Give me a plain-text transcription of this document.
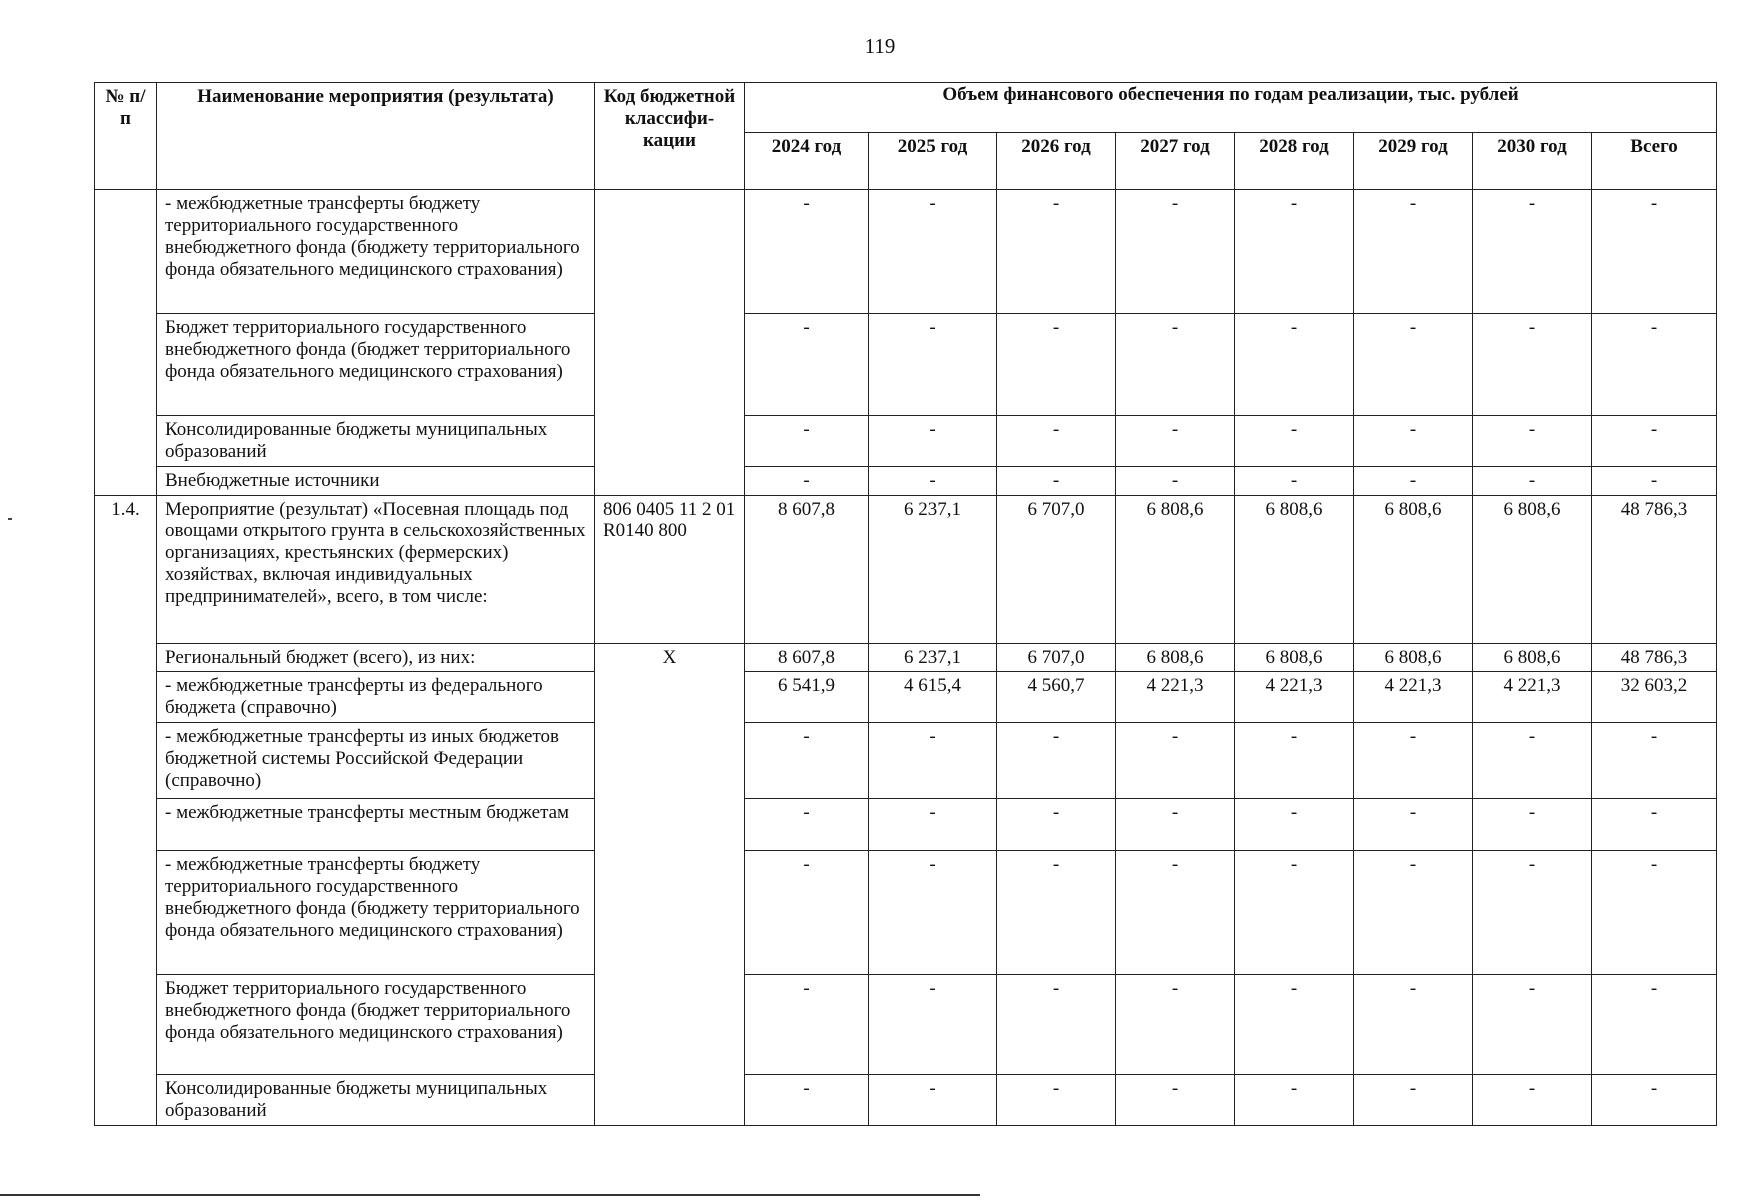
119
№ п/п	Наименование мероприятия (результата)	Код бюджетной классифи-кации	Объем финансового обеспечения по годам реализации, тыс. рублей							
			2024 год	2025 год	2026 год	2027 год	2028 год	2029 год	2030 год	Всего
	- межбюджетные трансферты бюджету территориального государственного внебюджетного фонда (бюджету территориального фонда обязательного медицинского страхования)		-	-	-	-	-	-	-	-
	Бюджет территориального государственного внебюджетного фонда (бюджет территориального фонда обязательного медицинского страхования)		-	-	-	-	-	-	-	-
	Консолидированные бюджеты муниципальных образований		-	-	-	-	-	-	-	-
	Внебюджетные источники		-	-	-	-	-	-	-	-
1.4.	Мероприятие (результат) «Посевная площадь под овощами открытого грунта в сельскохозяйственных организациях, крестьянских (фермерских) хозяйствах, включая индивидуальных предпринимателей», всего, в том числе:	806 0405 11 2 01 R0140 800	8 607,8	6 237,1	6 707,0	6 808,6	6 808,6	6 808,6	6 808,6	48 786,3
	Региональный бюджет (всего), из них:	Х	8 607,8	6 237,1	6 707,0	6 808,6	6 808,6	6 808,6	6 808,6	48 786,3
	- межбюджетные трансферты из федерального бюджета (справочно)		6 541,9	4 615,4	4 560,7	4 221,3	4 221,3	4 221,3	4 221,3	32 603,2
	- межбюджетные трансферты из иных бюджетов бюджетной системы Российской Федерации (справочно)		-	-	-	-	-	-	-	-
	- межбюджетные трансферты местным бюджетам		-	-	-	-	-	-	-	-
	- межбюджетные трансферты бюджету территориального государственного внебюджетного фонда (бюджету территориального фонда обязательного медицинского страхования)		-	-	-	-	-	-	-	-
	Бюджет территориального государственного внебюджетного фонда (бюджет территориального фонда обязательного медицинского страхования)		-	-	-	-	-	-	-	-
	Консолидированные бюджеты муниципальных образований		-	-	-	-	-	-	-	-
